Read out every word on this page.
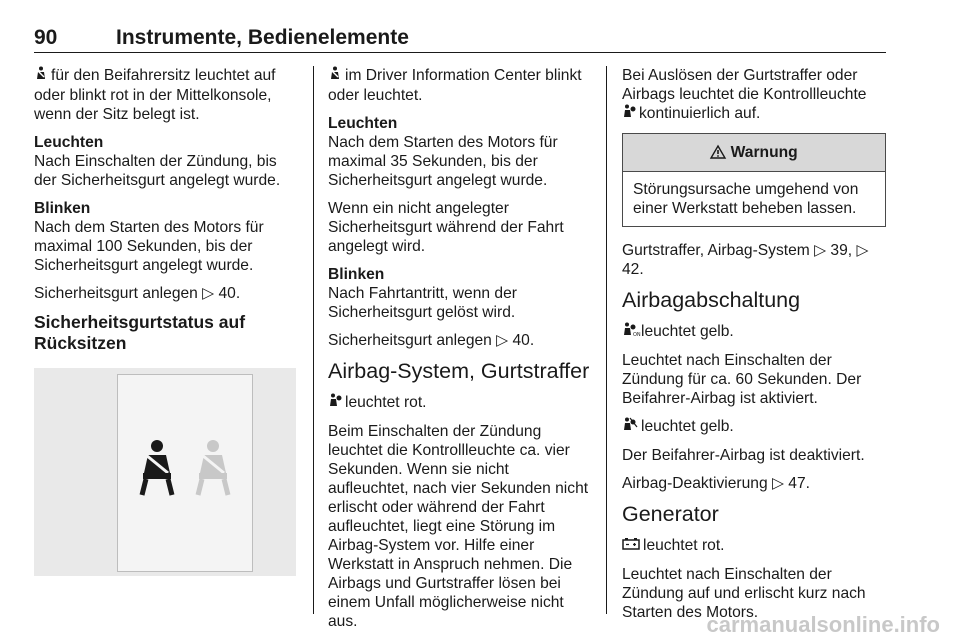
90	Instrumente, Bedienelemente

für den Beifahrersitz leuchtet auf oder blinkt rot in der Mittelkonsole, wenn der Sitz belegt ist.

Leuchten
Nach Einschalten der Zündung, bis der Sicherheitsgurt angelegt wurde.

Blinken
Nach dem Starten des Motors für maximal 100 Sekunden, bis der Sicherheitsgurt angelegt wurde.

Sicherheitsgurt anlegen ▷ 40.

Sicherheitsgurtstatus auf Rücksitzen

im Driver Information Center blinkt oder leuchtet.

Leuchten
Nach dem Starten des Motors für maximal 35 Sekunden, bis der Sicherheitsgurt angelegt wurde.

Wenn ein nicht angelegter Sicherheitsgurt während der Fahrt angelegt wird.

Blinken
Nach Fahrtantritt, wenn der Sicherheitsgurt gelöst wird.

Sicherheitsgurt anlegen ▷ 40.

Airbag-System, Gurtstraffer

leuchtet rot.

Beim Einschalten der Zündung leuchtet die Kontrollleuchte ca. vier Sekunden. Wenn sie nicht aufleuchtet, nach vier Sekunden nicht erlischt oder während der Fahrt aufleuchtet, liegt eine Störung im Airbag-System vor. Hilfe einer Werkstatt in Anspruch nehmen. Die Airbags und Gurtstraffer lösen bei einem Unfall möglicherweise nicht aus.

Bei Auslösen der Gurtstraffer oder Airbags leuchtet die Kontrollleuchte kontinuierlich auf.

Warnung
Störungsursache umgehend von einer Werkstatt beheben lassen.

Gurtstraffer, Airbag-System ▷ 39, ▷ 42.

Airbagabschaltung

ON leuchtet gelb.

Leuchtet nach Einschalten der Zündung für ca. 60 Sekunden. Der Beifahrer-Airbag ist aktiviert.

leuchtet gelb.

Der Beifahrer-Airbag ist deaktiviert.

Airbag-Deaktivierung ▷ 47.

Generator

leuchtet rot.

Leuchtet nach Einschalten der Zündung auf und erlischt kurz nach Starten des Motors.

carmanualsonline.info
